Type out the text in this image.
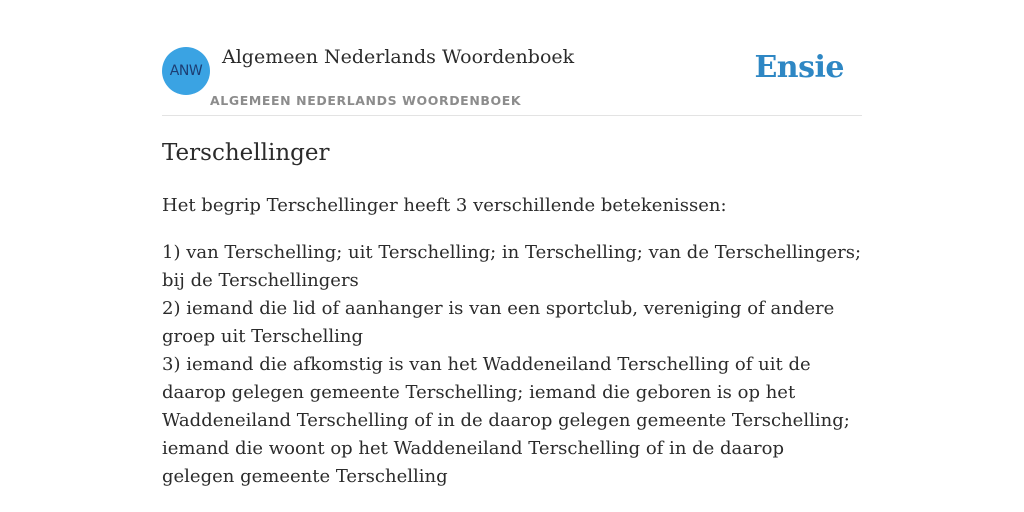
ANW
Algemeen Nederlands Woordenboek
ALGEMEEN NEDERLANDS WOORDENBOEK
Ensie
Terschellinger

Het begrip Terschellinger heeft 3 verschillende betekenissen:

1) van Terschelling; uit Terschelling; in Terschelling; van de Terschellingers; bij de Terschellingers
2) iemand die lid of aanhanger is van een sportclub, vereniging of andere groep uit Terschelling
3) iemand die afkomstig is van het Waddeneiland Terschelling of uit de daarop gelegen gemeente Terschelling; iemand die geboren is op het Waddeneiland Terschelling of in de daarop gelegen gemeente Terschelling; iemand die woont op het Waddeneiland Terschelling of in de daarop gelegen gemeente Terschelling
